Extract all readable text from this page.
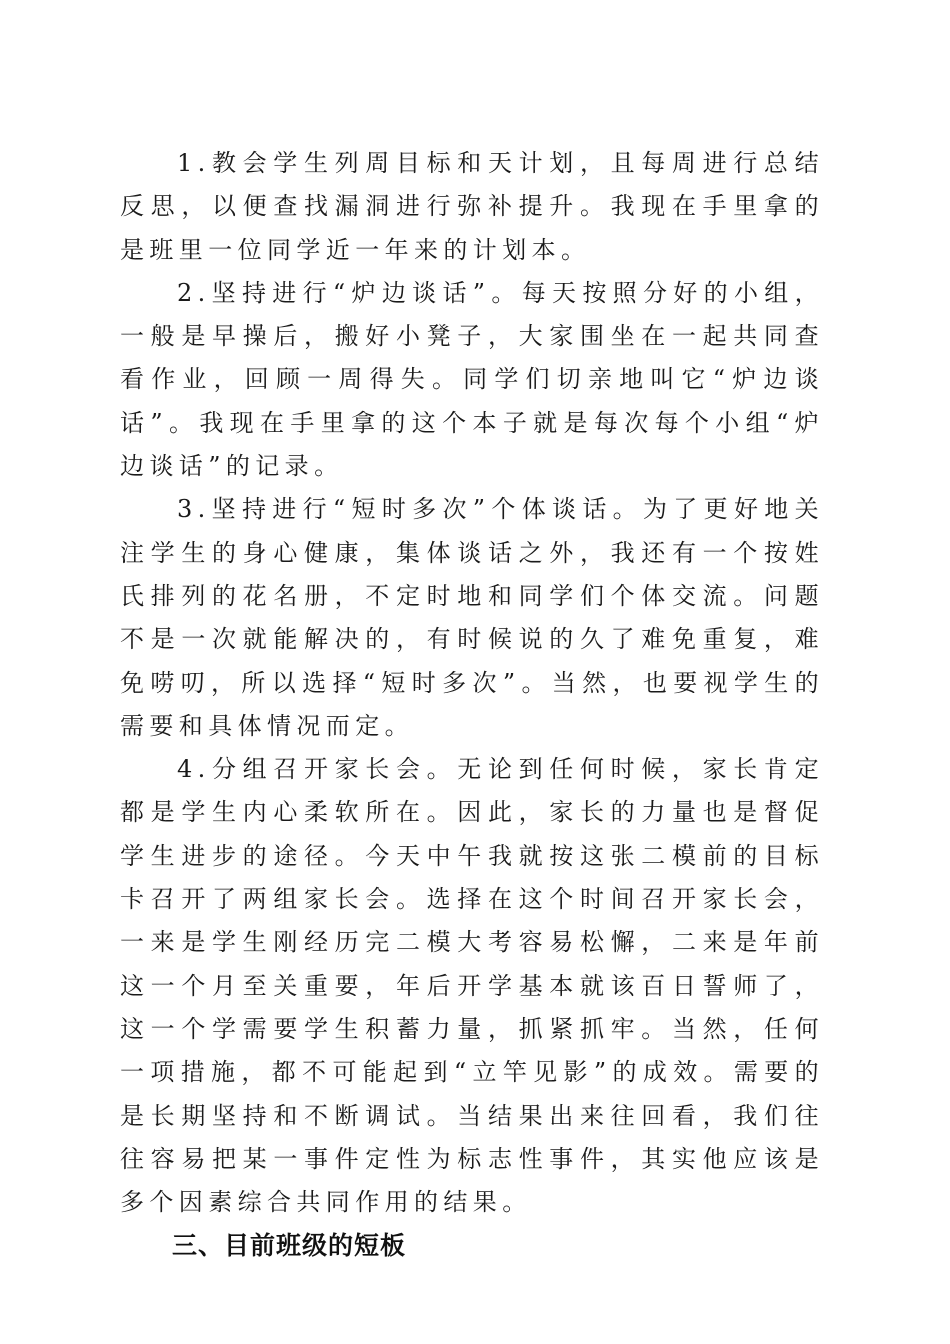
1.教会学生列周目标和天计划，且每周进行总结反思，以便查找漏洞进行弥补提升。我现在手里拿的是班里一位同学近一年来的计划本。

2.坚持进行“炉边谈话”。每天按照分好的小组，一般是早操后，搬好小凳子，大家围坐在一起共同查看作业，回顾一周得失。同学们切亲地叫它“炉边谈话”。我现在手里拿的这个本子就是每次每个小组“炉边谈话”的记录。

3.坚持进行“短时多次”个体谈话。为了更好地关注学生的身心健康，集体谈话之外，我还有一个按姓氏排列的花名册，不定时地和同学们个体交流。问题不是一次就能解决的，有时候说的久了难免重复，难免唠叨，所以选择“短时多次”。当然，也要视学生的需要和具体情况而定。

4.分组召开家长会。无论到任何时候，家长肯定都是学生内心柔软所在。因此，家长的力量也是督促学生进步的途径。今天中午我就按这张二模前的目标卡召开了两组家长会。选择在这个时间召开家长会，一来是学生刚经历完二模大考容易松懈，二来是年前这一个月至关重要，年后开学基本就该百日誓师了，这一个学需要学生积蓄力量，抓紧抓牢。当然，任何一项措施，都不可能起到“立竿见影”的成效。需要的是长期坚持和不断调试。当结果出来往回看，我们往往容易把某一事件定性为标志性事件，其实他应该是多个因素综合共同作用的结果。

三、目前班级的短板
